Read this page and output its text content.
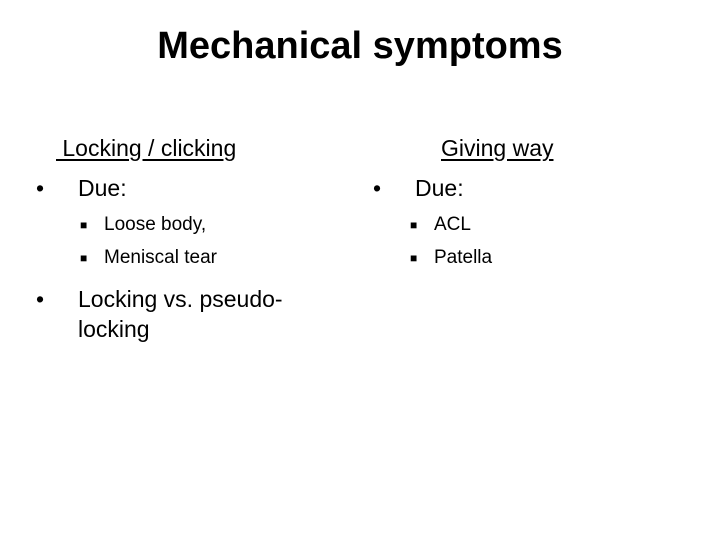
Mechanical symptoms
Locking / clicking
• Due:
■ Loose body,
■ Meniscal tear
• Locking vs. pseudo-locking
Giving way
• Due:
■ ACL
■ Patella
